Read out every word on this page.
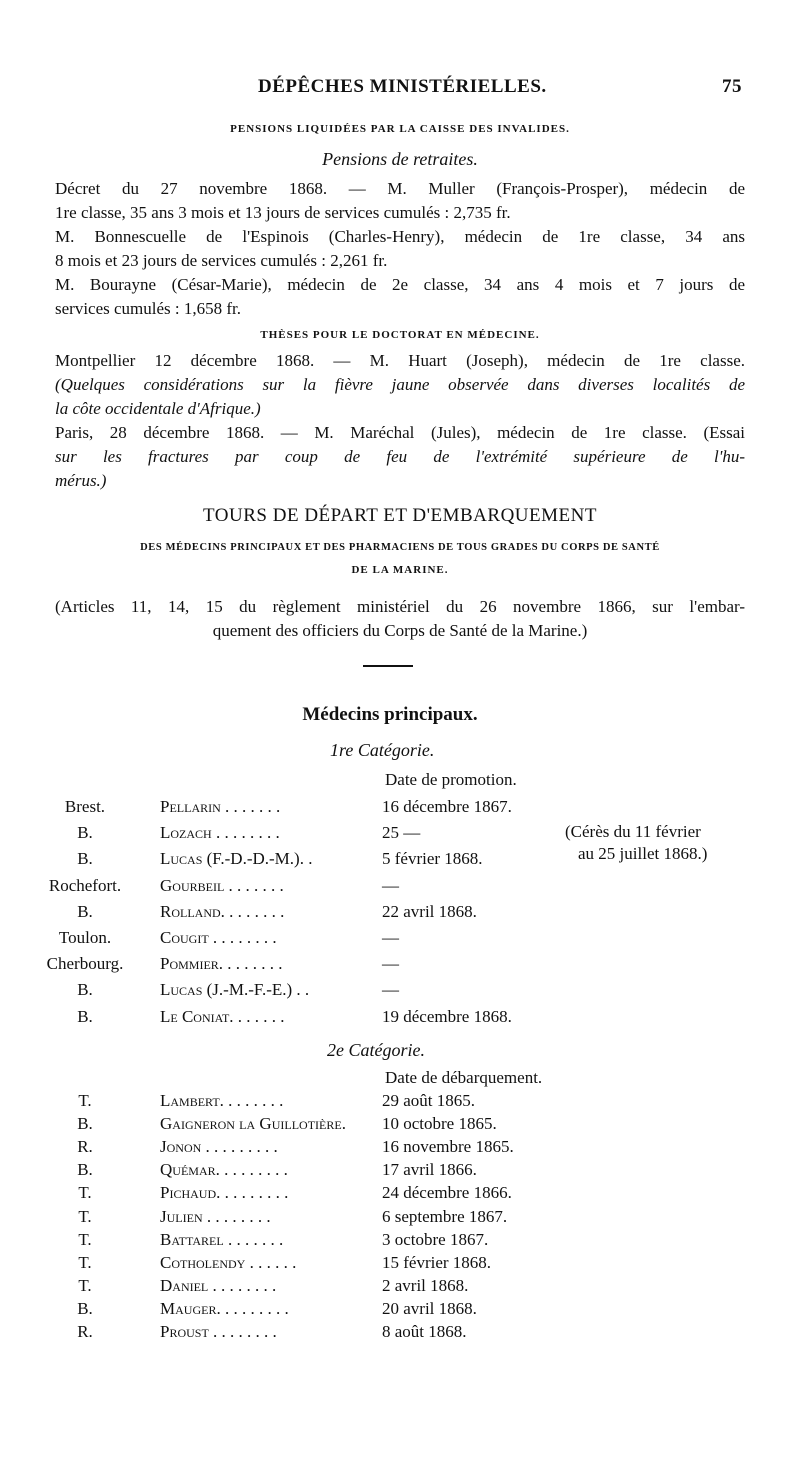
DÉPÊCHES MINISTÉRIELLES.	75
PENSIONS LIQUIDÉES PAR LA CAISSE DES INVALIDES.
Pensions de retraites.
Décret du 27 novembre 1868. — M. Muller (François-Prosper), médecin de
1re classe, 35 ans 3 mois et 13 jours de services cumulés : 2,735 fr.
M. Bonnescuelle de l'Espinois (Charles-Henry), médecin de 1re classe, 34 ans
8 mois et 23 jours de services cumulés : 2,261 fr.
M. Bourayne (César-Marie), médecin de 2e classe, 34 ans 4 mois et 7 jours de
services cumulés : 1,658 fr.
THÈSES POUR LE DOCTORAT EN MÉDECINE.
Montpellier 12 décembre 1868. — M. Huart (Joseph), médecin de 1re classe.
(Quelques considérations sur la fièvre jaune observée dans diverses localités de
la côte occidentale d'Afrique.)
Paris, 28 décembre 1868. — M. Maréchal (Jules), médecin de 1re classe. (Essai
sur les fractures par coup de feu de l'extrémité supérieure de l'hu-
mérus.)
TOURS DE DÉPART ET D'EMBARQUEMENT
DES MÉDECINS PRINCIPAUX ET DES PHARMACIENS DE TOUS GRADES DU CORPS DE SANTÉ
DE LA MARINE.
(Articles 11, 14, 15 du règlement ministériel du 26 novembre 1866, sur l'embar-
quement des officiers du Corps de Santé de la Marine.)
Médecins principaux.
1re Catégorie.
Date de promotion.
Brest.	Pellarin . . . . . . .	16 décembre 1867.
B.	Lozach . . . . . . . .	25 —
B.	Lucas (F.-D.-D.-M.). .	5 février 1868.
Rochefort.	Gourbeil . . . . . . .	—
B.	Rolland. . . . . . . .	22 avril 1868.
Toulon.	Cougit . . . . . . . .	—
Cherbourg.	Pommier. . . . . . . .	—
B.	Lucas (J.-M.-F.-E.) . .	—
B.	Le Coniat. . . . . . .	19 décembre 1868.
(Cérès du 11 février
au 25 juillet 1868.)
2e Catégorie.
Date de débarquement.
T.	Lambert. . . . . . . .	29 août 1865.
B.	Gaigneron la Guillotière. 10 octobre 1865.
R.	Jonon . . . . . . . . .	16 novembre 1865.
B.	Quémar. . . . . . . . .	17 avril 1866.
T.	Pichaud. . . . . . . . .	24 décembre 1866.
T.	Julien . . . . . . . .	6 septembre 1867.
T.	Battarel . . . . . . .	3 octobre 1867.
T.	Cotholendy . . . . . .	15 février 1868.
T.	Daniel . . . . . . . .	2 avril 1868.
B.	Mauger. . . . . . . . .	20 avril 1868.
R.	Proust . . . . . . . .	8 août 1868.
